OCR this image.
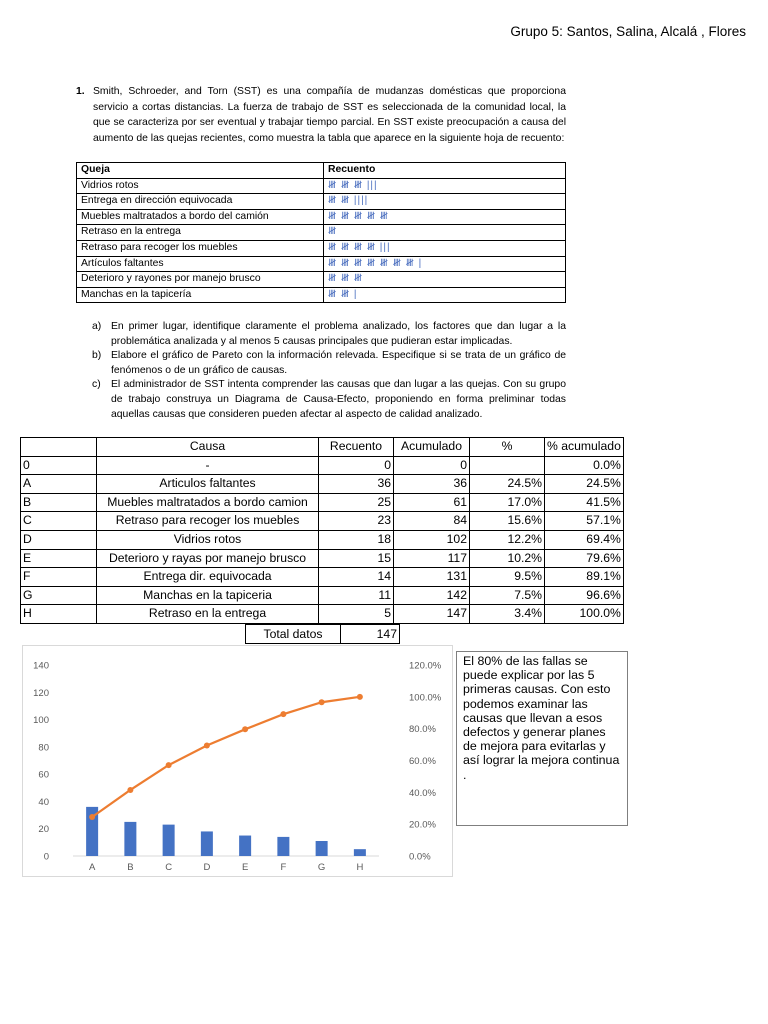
Grupo 5: Santos, Salina, Alcalá , Flores
1. Smith, Schroeder, and Torn (SST) es una compañía de mudanzas domésticas que proporciona servicio a cortas distancias. La fuerza de trabajo de SST es seleccionada de la comunidad local, la que se caracteriza por ser eventual y trabajar tiempo parcial. En SST existe preocupación a causa del aumento de las quejas recientes, como muestra la tabla que aparece en la siguiente hoja de recuento:
Queja	Recuento
Vidrios rotos	𝍸 𝍸 𝍸 |||
Entrega en dirección equivocada	𝍸 𝍸 ||||
Muebles maltratados a bordo del camión	𝍸 𝍸 𝍸 𝍸 𝍸
Retraso en la entrega	𝍸
Retraso para recoger los muebles	𝍸 𝍸 𝍸 𝍸 |||
Artículos faltantes	𝍸 𝍸 𝍸 𝍸 𝍸 𝍸 𝍸 |
Deterioro y rayones por manejo brusco	𝍸 𝍸 𝍸
Manchas en la tapicería	𝍸 𝍸 |
a) En primer lugar, identifique claramente el problema analizado, los factores que dan lugar a la problemática analizada y al menos 5 causas principales que pudieran estar implicadas.
b) Elabore el gráfico de Pareto con la información relevada. Especifique si se trata de un gráfico de fenómenos o de un gráfico de causas.
c) El administrador de SST intenta comprender las causas que dan lugar a las quejas. Con su grupo de trabajo construya un Diagrama de Causa-Efecto, proponiendo en forma preliminar todas aquellas causas que consideren pueden afectar al aspecto de calidad analizado.
	Causa	Recuento	Acumulado	%	% acumulado
0	-	0	0		0.0%
A	Articulos faltantes	36	36	24.5%	24.5%
B	Muebles maltratados a bordo camion	25	61	17.0%	41.5%
C	Retraso para recoger los muebles	23	84	15.6%	57.1%
D	Vidrios rotos	18	102	12.2%	69.4%
E	Deterioro y rayas por manejo brusco	15	117	10.2%	79.6%
F	Entrega dir. equivocada	14	131	9.5%	89.1%
G	Manchas en la tapiceria	11	142	7.5%	96.6%
H	Retraso en la entrega	5	147	3.4%	100.0%
Total datos	147
0
20
40
60
80
100
120
140
0.0%
20.0%
40.0%
60.0%
80.0%
100.0%
120.0%
A	B	C	D	E	F	G	H
El 80% de las fallas se puede explicar por las 5 primeras causas. Con esto podemos examinar las causas que llevan a esos defectos y generar planes de mejora para evitarlas y así lograr la mejora continua .
